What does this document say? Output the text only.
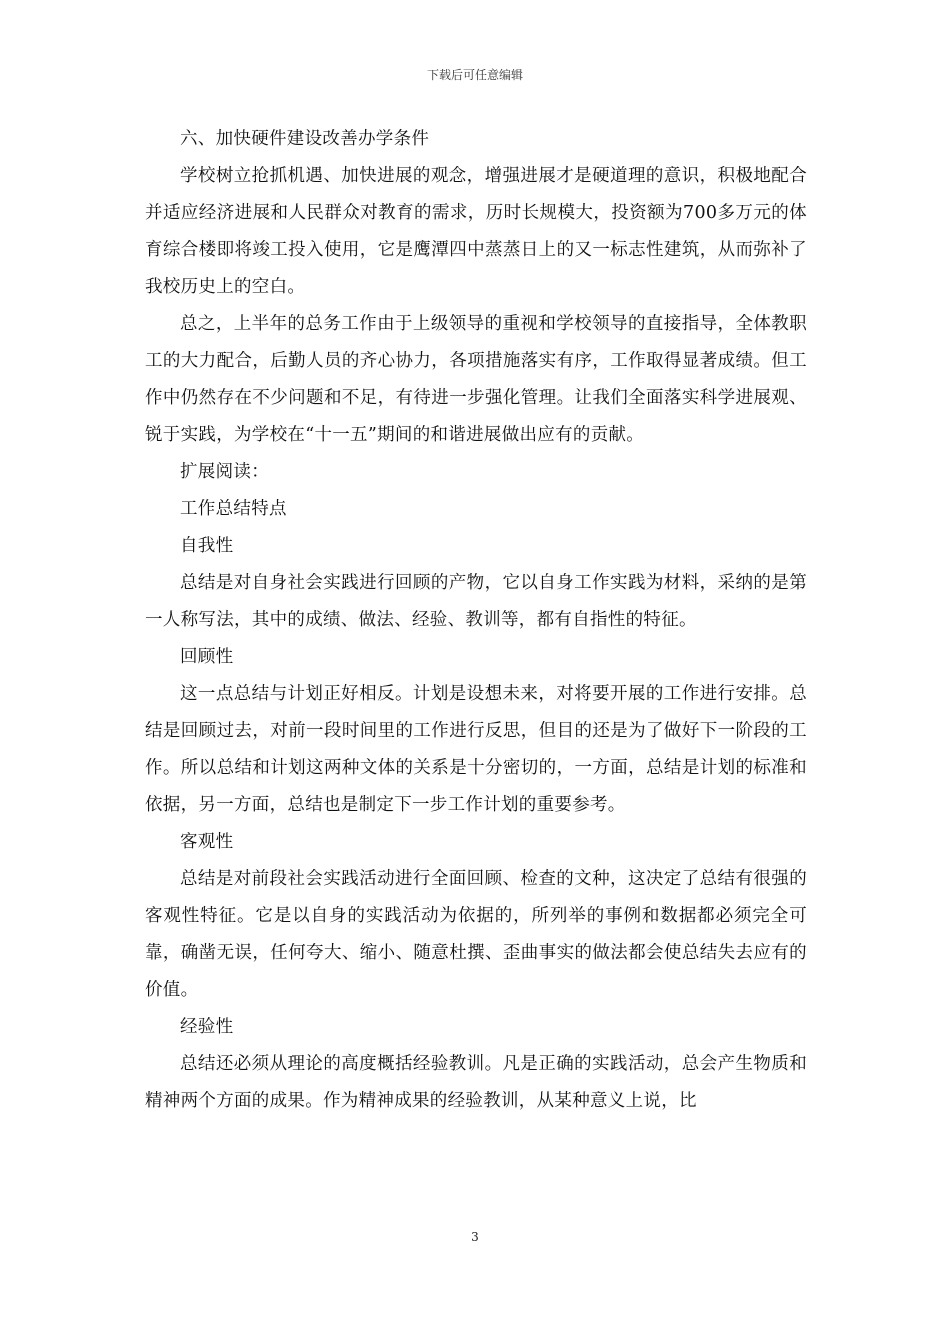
下载后可任意编辑

六、加快硬件建设改善办学条件

学校树立抢抓机遇、加快进展的观念，增强进展才是硬道理的意识，积极地配合并适应经济进展和人民群众对教育的需求，历时长规模大，投资额为700多万元的体育综合楼即将竣工投入使用，它是鹰潭四中蒸蒸日上的又一标志性建筑，从而弥补了我校历史上的空白。

总之，上半年的总务工作由于上级领导的重视和学校领导的直接指导，全体教职工的大力配合，后勤人员的齐心协力，各项措施落实有序，工作取得显著成绩。但工作中仍然存在不少问题和不足，有待进一步强化管理。让我们全面落实科学进展观、锐于实践，为学校在“十一五”期间的和谐进展做出应有的贡献。

扩展阅读：

工作总结特点

自我性

总结是对自身社会实践进行回顾的产物，它以自身工作实践为材料，采纳的是第一人称写法，其中的成绩、做法、经验、教训等，都有自指性的特征。

回顾性

这一点总结与计划正好相反。计划是设想未来，对将要开展的工作进行安排。总结是回顾过去，对前一段时间里的工作进行反思，但目的还是为了做好下一阶段的工作。所以总结和计划这两种文体的关系是十分密切的，一方面，总结是计划的标准和依据，另一方面，总结也是制定下一步工作计划的重要参考。

客观性

总结是对前段社会实践活动进行全面回顾、检查的文种，这决定了总结有很强的客观性特征。它是以自身的实践活动为依据的，所列举的事例和数据都必须完全可靠，确凿无误，任何夸大、缩小、随意杜撰、歪曲事实的做法都会使总结失去应有的价值。

经验性

总结还必须从理论的高度概括经验教训。凡是正确的实践活动，总会产生物质和精神两个方面的成果。作为精神成果的经验教训，从某种意义上说，比

3
